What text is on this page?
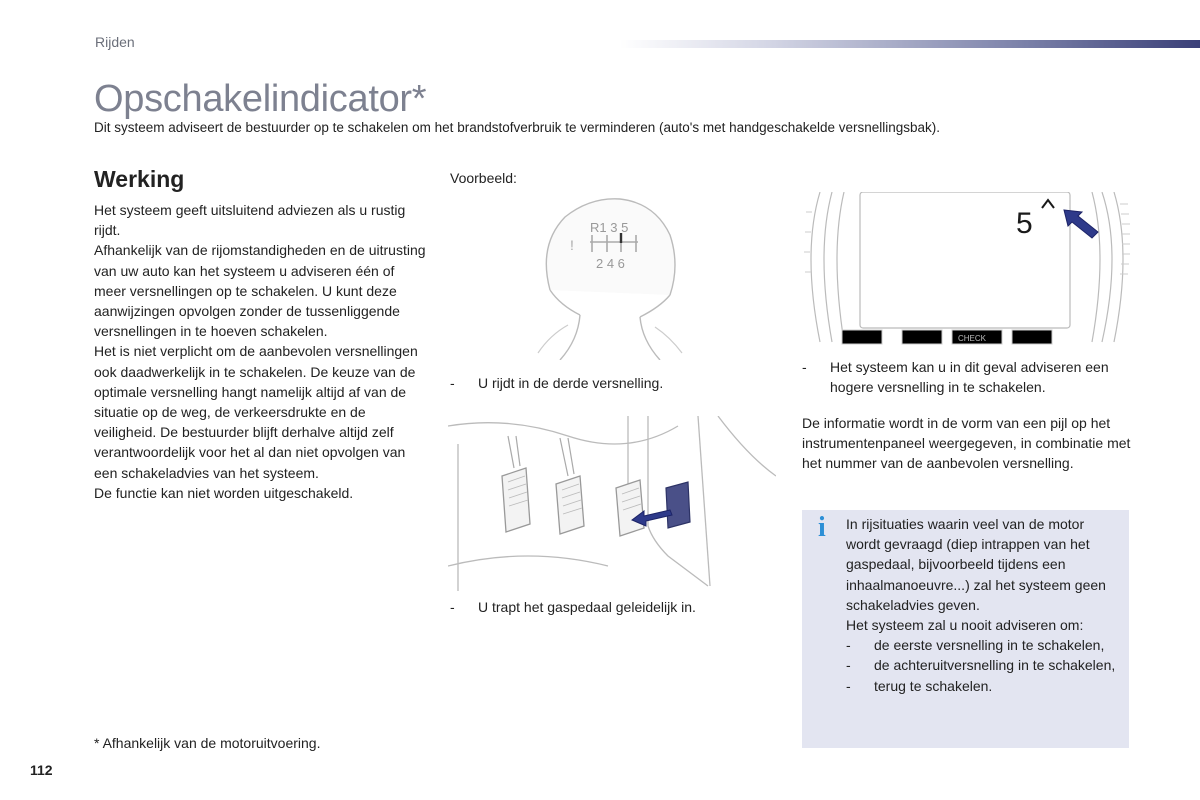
Rijden
Opschakelindicator*
Dit systeem adviseert de bestuurder op te schakelen om het brandstofverbruik te verminderen (auto's met handgeschakelde versnellingsbak).
Werking

Het systeem geeft uitsluitend adviezen als u rustig rijdt.

Afhankelijk van de rijomstandigheden en de uitrusting van uw auto kan het systeem u adviseren één of meer versnellingen op te schakelen. U kunt deze aanwijzingen opvolgen zonder de tussenliggende versnellingen in te hoeven schakelen.

Het is niet verplicht om de aanbevolen versnellingen ook daadwerkelijk in te schakelen. De keuze van de optimale versnelling hangt namelijk altijd af van de situatie op de weg, de verkeersdrukte en de veiligheid. De bestuurder blijft derhalve altijd zelf verantwoordelijk voor het al dan niet opvolgen van een schakeladvies van het systeem.

De functie kan niet worden uitgeschakeld.

* Afhankelijk van de motoruitvoering.
112
Voorbeeld:
R1 3 5
2 4 6
!
-	U rijdt in de derde versnelling.
-	U trapt het gaspedaal geleidelijk in.
CHECK
5
-	Het systeem kan u in dit geval adviseren een hogere versnelling in te schakelen.
De informatie wordt in de vorm van een pijl op het instrumentenpaneel weergegeven, in combinatie met het nummer van de aanbevolen versnelling.
i In rijsituaties waarin veel van de motor wordt gevraagd (diep intrappen van het gaspedaal, bijvoorbeeld tijdens een inhaalmanoeuvre...) zal het systeem geen schakeladvies geven.

Het systeem zal u nooit adviseren om:

- de eerste versnelling in te schakelen,
- de achteruitversnelling in te schakelen,
- terug te schakelen.
